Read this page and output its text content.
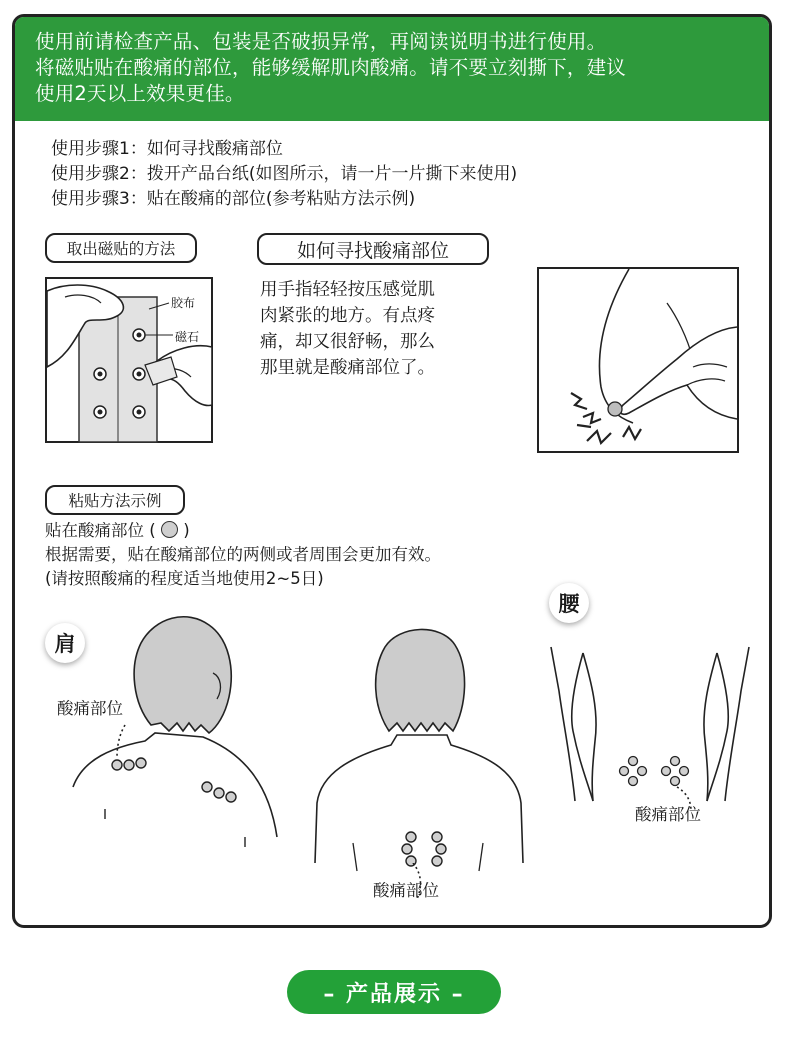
使用前请检查产品、包装是否破损异常，再阅读说明书进行使用。
将磁贴贴在酸痛的部位，能够缓解肌肉酸痛。请不要立刻撕下，建议
使用2天以上效果更佳。
使用步骤1：如何寻找酸痛部位
使用步骤2：拨开产品台纸(如图所示，请一片一片撕下来使用)
使用步骤3：贴在酸痛的部位(参考粘贴方法示例)
取出磁贴的方法
胶布
磁石
如何寻找酸痛部位
用手指轻轻按压感觉肌
肉紧张的地方。有点疼
痛，却又很舒畅，那么
那里就是酸痛部位了。
粘贴方法示例
贴在酸痛部位 ( )
根据需要，贴在酸痛部位的两侧或者周围会更加有效。
(请按照酸痛的程度适当地使用2~5日)
肩
腰
酸痛部位
酸痛部位
酸痛部位
– 产品展示 –
